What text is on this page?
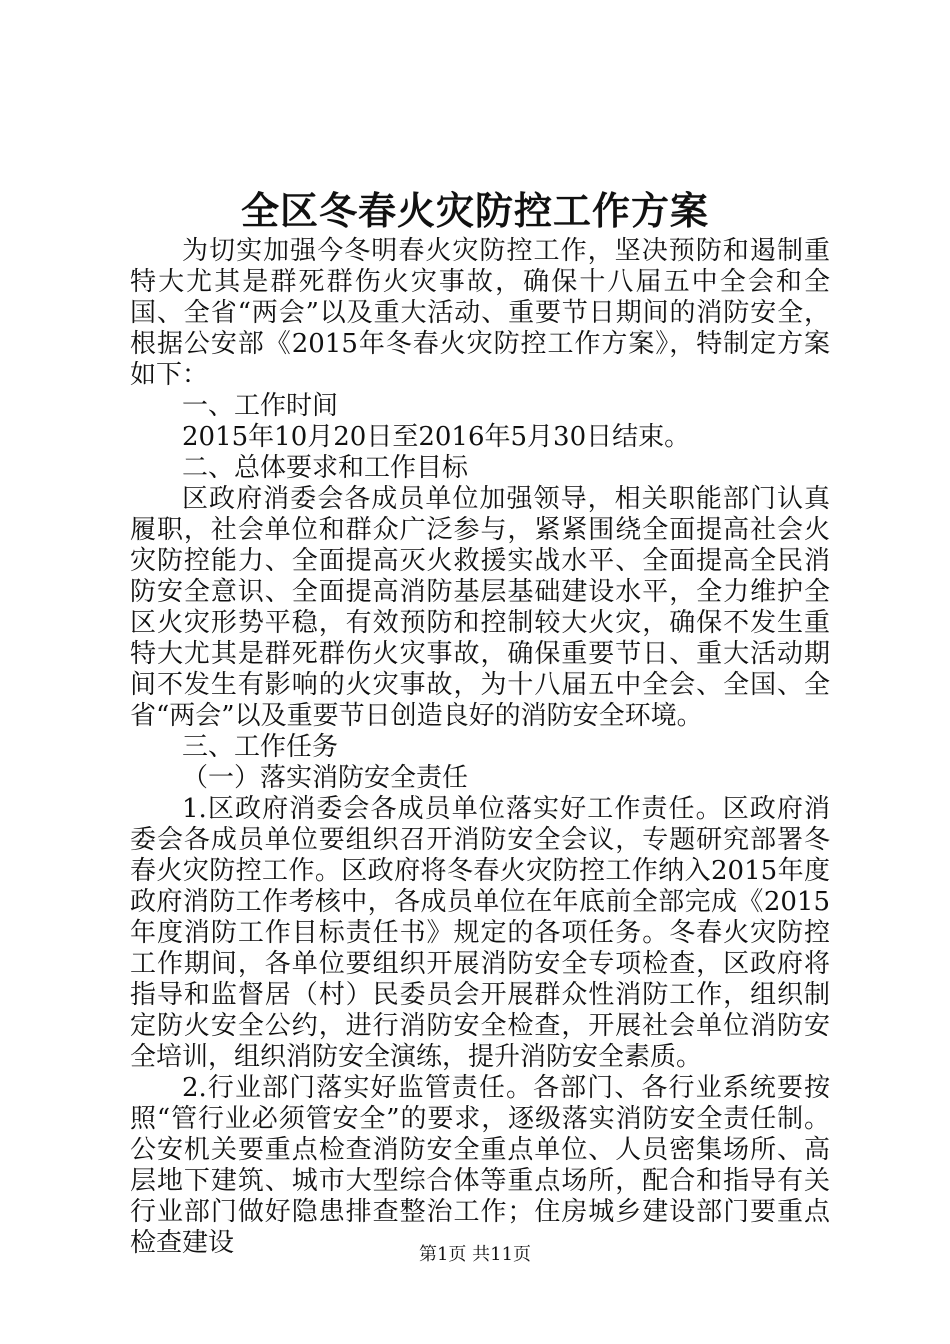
全区冬春火灾防控工作方案

为切实加强今冬明春火灾防控工作，坚决预防和遏制重特大尤其是群死群伤火灾事故，确保十八届五中全会和全国、全省“两会”以及重大活动、重要节日期间的消防安全，根据公安部《2015年冬春火灾防控工作方案》，特制定方案如下：

一、工作时间

2015年10月20日至2016年5月30日结束。

二、总体要求和工作目标

区政府消委会各成员单位加强领导，相关职能部门认真履职，社会单位和群众广泛参与，紧紧围绕全面提高社会火灾防控能力、全面提高灭火救援实战水平、全面提高全民消防安全意识、全面提高消防基层基础建设水平，全力维护全区火灾形势平稳，有效预防和控制较大火灾，确保不发生重特大尤其是群死群伤火灾事故，确保重要节日、重大活动期间不发生有影响的火灾事故，为十八届五中全会、全国、全省“两会”以及重要节日创造良好的消防安全环境。

三、工作任务

（一）落实消防安全责任

1.区政府消委会各成员单位落实好工作责任。区政府消委会各成员单位要组织召开消防安全会议，专题研究部署冬春火灾防控工作。区政府将冬春火灾防控工作纳入2015年度政府消防工作考核中，各成员单位在年底前全部完成《2015年度消防工作目标责任书》规定的各项任务。冬春火灾防控工作期间，各单位要组织开展消防安全专项检查，区政府将指导和监督居（村）民委员会开展群众性消防工作，组织制定防火安全公约，进行消防安全检查，开展社会单位消防安全培训，组织消防安全演练，提升消防安全素质。

2.行业部门落实好监管责任。各部门、各行业系统要按照“管行业必须管安全”的要求，逐级落实消防安全责任制。公安机关要重点检查消防安全重点单位、人员密集场所、高层地下建筑、城市大型综合体等重点场所，配合和指导有关行业部门做好隐患排查整治工作；住房城乡建设部门要重点检查建设	第1页 共11页
